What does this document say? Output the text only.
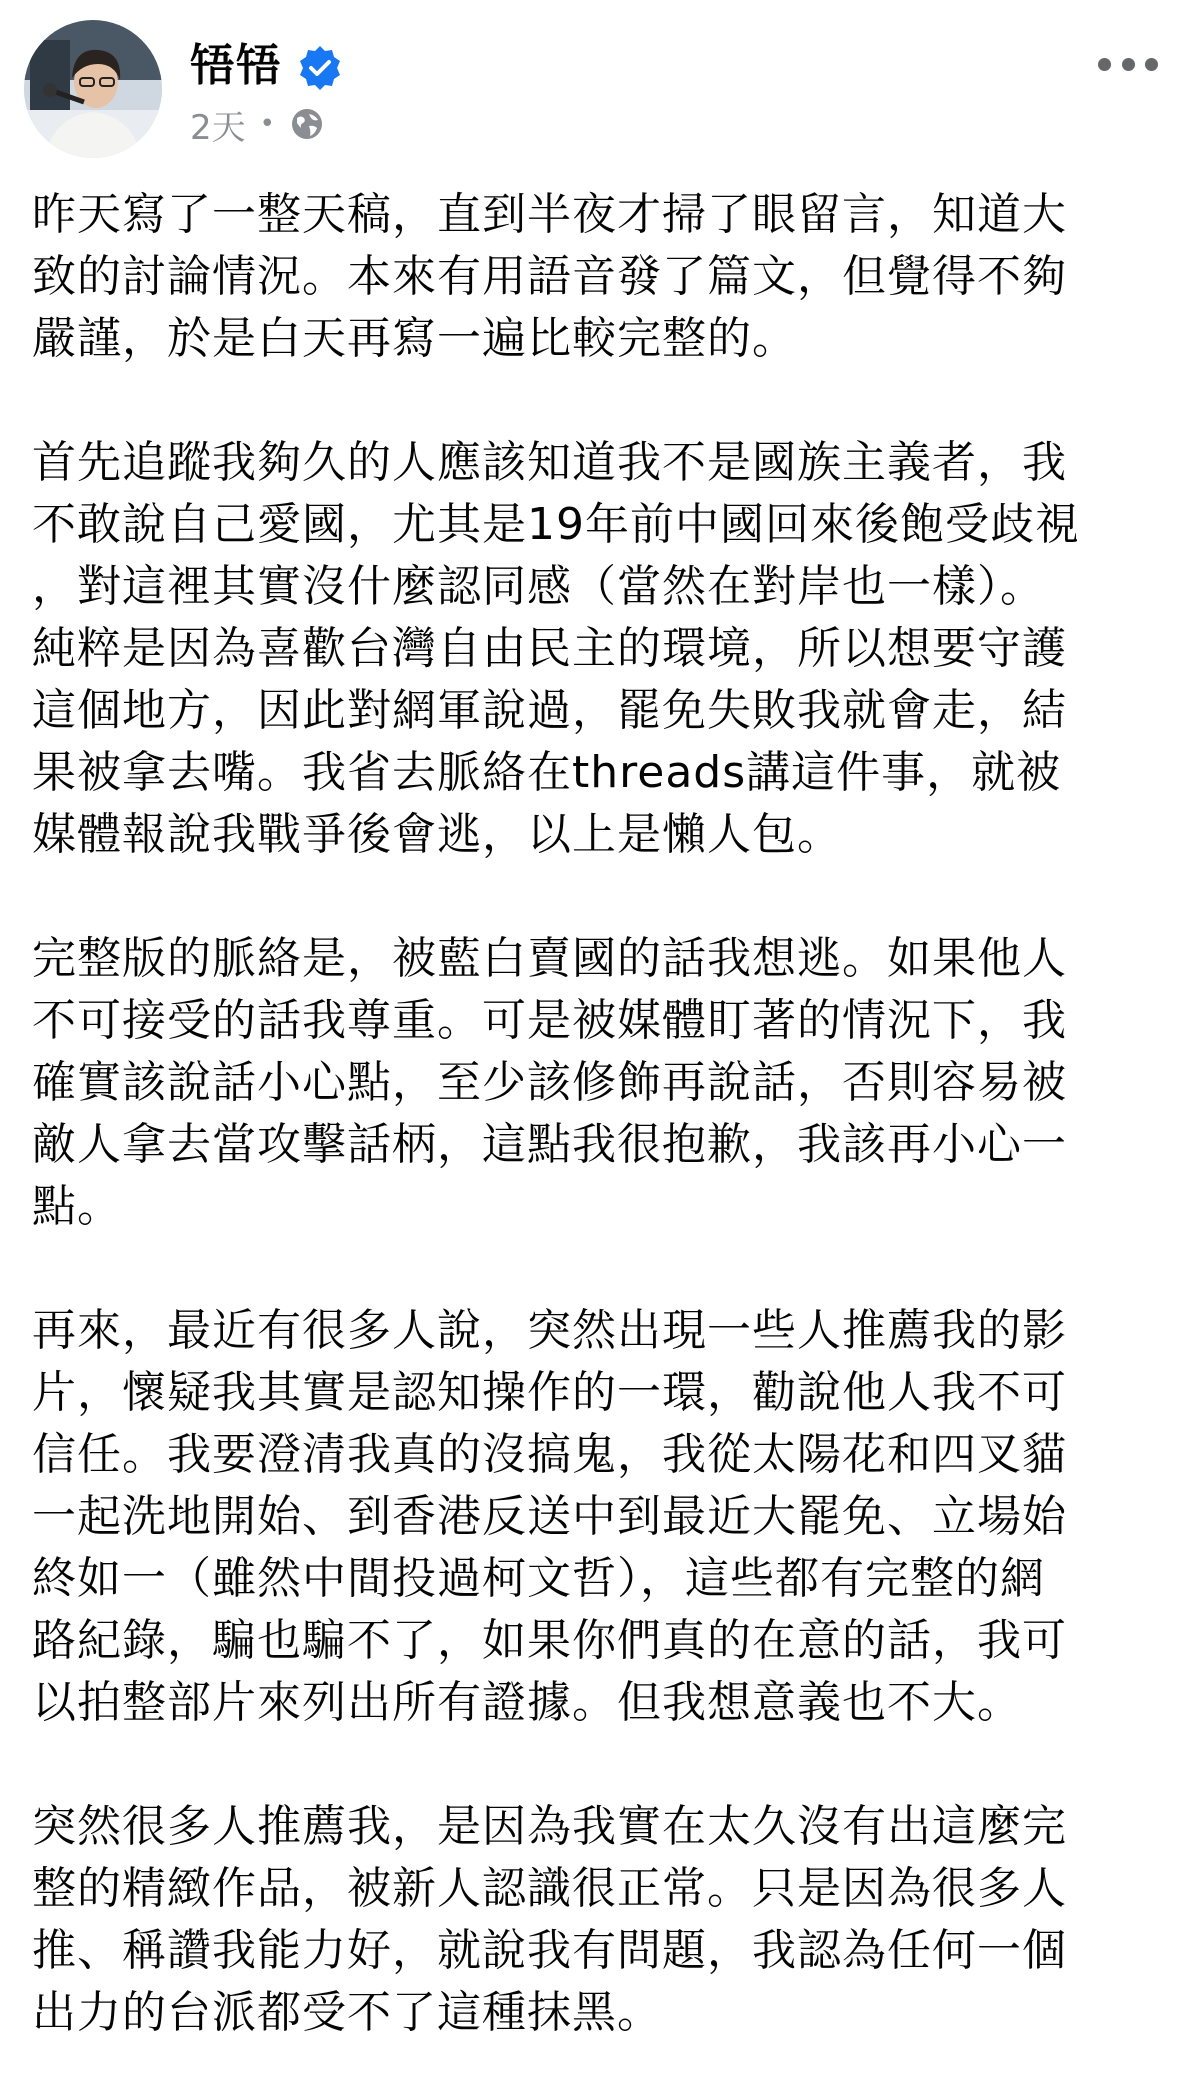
啎啎
2天 •

昨天寫了一整天稿，直到半夜才掃了眼留言，知道大
致的討論情況。本來有用語音發了篇文，但覺得不夠
嚴謹，於是白天再寫一遍比較完整的。

首先追蹤我夠久的人應該知道我不是國族主義者，我
不敢說自己愛國，尤其是19年前中國回來後飽受歧視
，對這裡其實沒什麼認同感（當然在對岸也一樣）。
純粹是因為喜歡台灣自由民主的環境，所以想要守護
這個地方，因此對網軍說過，罷免失敗我就會走，結
果被拿去嘴。我省去脈絡在threads講這件事，就被
媒體報說我戰爭後會逃，以上是懶人包。

完整版的脈絡是，被藍白賣國的話我想逃。如果他人
不可接受的話我尊重。可是被媒體盯著的情況下，我
確實該說話小心點，至少該修飾再說話，否則容易被
敵人拿去當攻擊話柄，這點我很抱歉，我該再小心一
點。

再來，最近有很多人說，突然出現一些人推薦我的影
片，懷疑我其實是認知操作的一環，勸說他人我不可
信任。我要澄清我真的沒搞鬼，我從太陽花和四叉貓
一起洗地開始、到香港反送中到最近大罷免、立場始
終如一（雖然中間投過柯文哲），這些都有完整的網
路紀錄，騙也騙不了，如果你們真的在意的話，我可
以拍整部片來列出所有證據。但我想意義也不大。

突然很多人推薦我，是因為我實在太久沒有出這麼完
整的精緻作品，被新人認識很正常。只是因為很多人
推、稱讚我能力好，就說我有問題，我認為任何一個
出力的台派都受不了這種抹黑。
